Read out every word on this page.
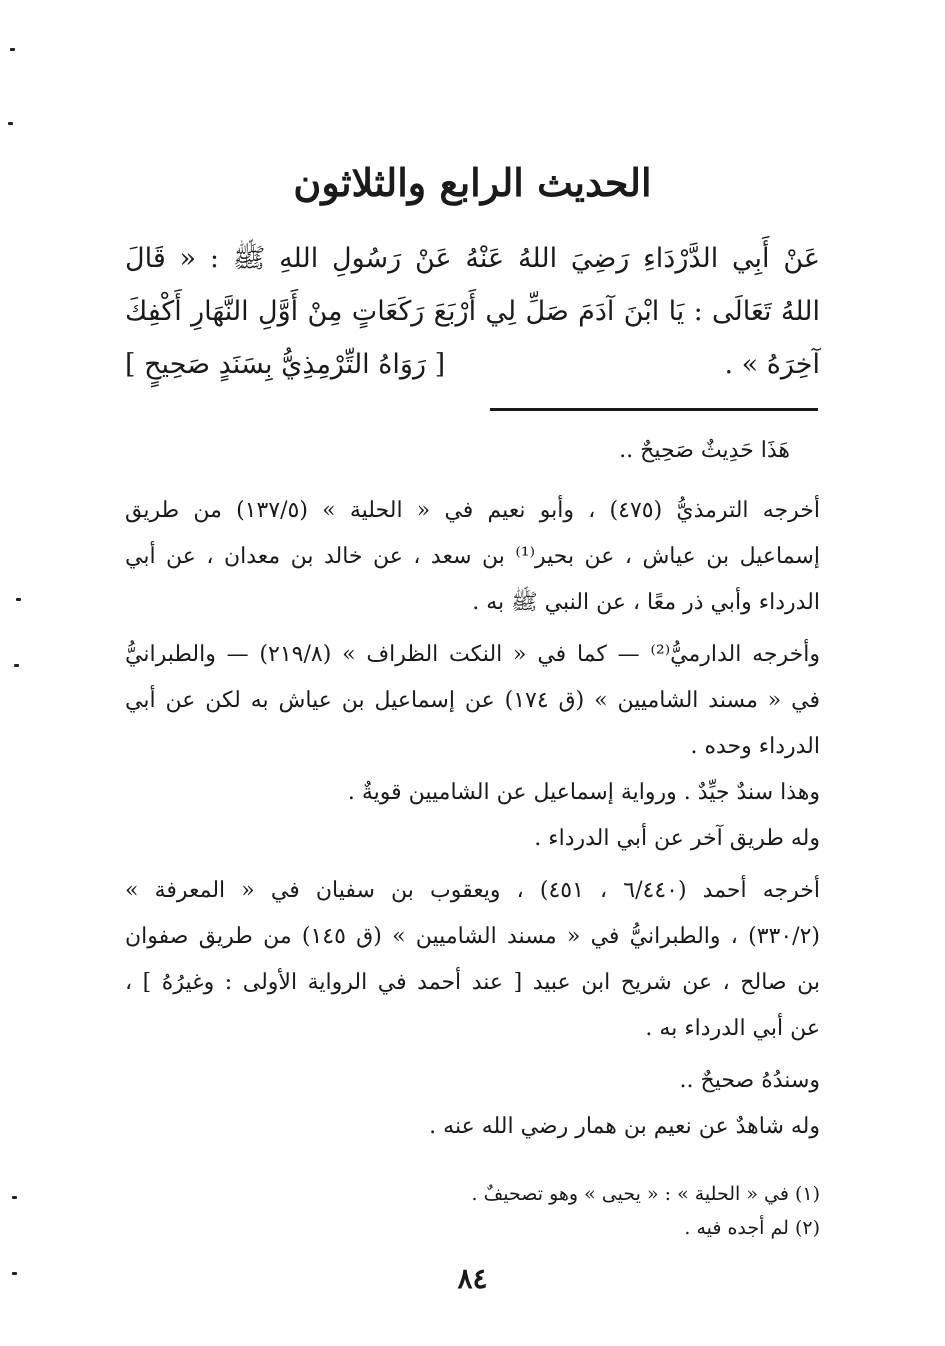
الحديث الرابع والثلاثون
عَنْ أَبِي الدَّرْدَاءِ رَضِيَ اللهُ عَنْهُ عَنْ رَسُولِ اللهِ ﷺ : « قَالَ
اللهُ تَعَالَى : يَا ابْنَ آدَمَ صَلِّ لِي أَرْبَعَ رَكَعَاتٍ مِنْ أَوَّلِ النَّهَارِ أَكْفِكَ
آخِرَهُ » .
[ رَوَاهُ التِّرْمِذِيُّ بِسَنَدٍ صَحِيحٍ ]
هَذَا حَدِيثٌ صَحِيحٌ ..
أخرجه الترمذيُّ (٤٧٥) ، وأبو نعيم في « الحلية » (١٣٧/٥) من طريق
إسماعيل بن عياش ، عن بحير⁽¹⁾ بن سعد ، عن خالد بن معدان ، عن أبي
الدرداء وأبي ذر معًا ، عن النبي ﷺ به .
وأخرجه الدارميُّ⁽²⁾ — كما في « النكت الظراف » (٢١٩/٨) — والطبرانيُّ
في « مسند الشاميين » (ق ١٧٤) عن إسماعيل بن عياش به لكن عن أبي
الدرداء وحده .
وهذا سندٌ جيِّدٌ . ورواية إسماعيل عن الشاميين قويةٌ .
وله طريق آخر عن أبي الدرداء .
أخرجه أحمد (٦/٤٤٠ ، ٤٥١) ، ويعقوب بن سفيان في « المعرفة »
(٣٣٠/٢) ، والطبرانيُّ في « مسند الشاميين » (ق ١٤٥) من طريق صفوان
بن صالح ، عن شريح ابن عبيد [ عند أحمد في الرواية الأولى : وغيرُهُ ] ،
عن أبي الدرداء به .
وسندُهُ صحيحٌ ..
وله شاهدٌ عن نعيم بن همار رضي الله عنه .
(١) في « الحلية » : « يحيى » وهو تصحيفٌ .
(٢) لم أجده فيه .
٨٤
